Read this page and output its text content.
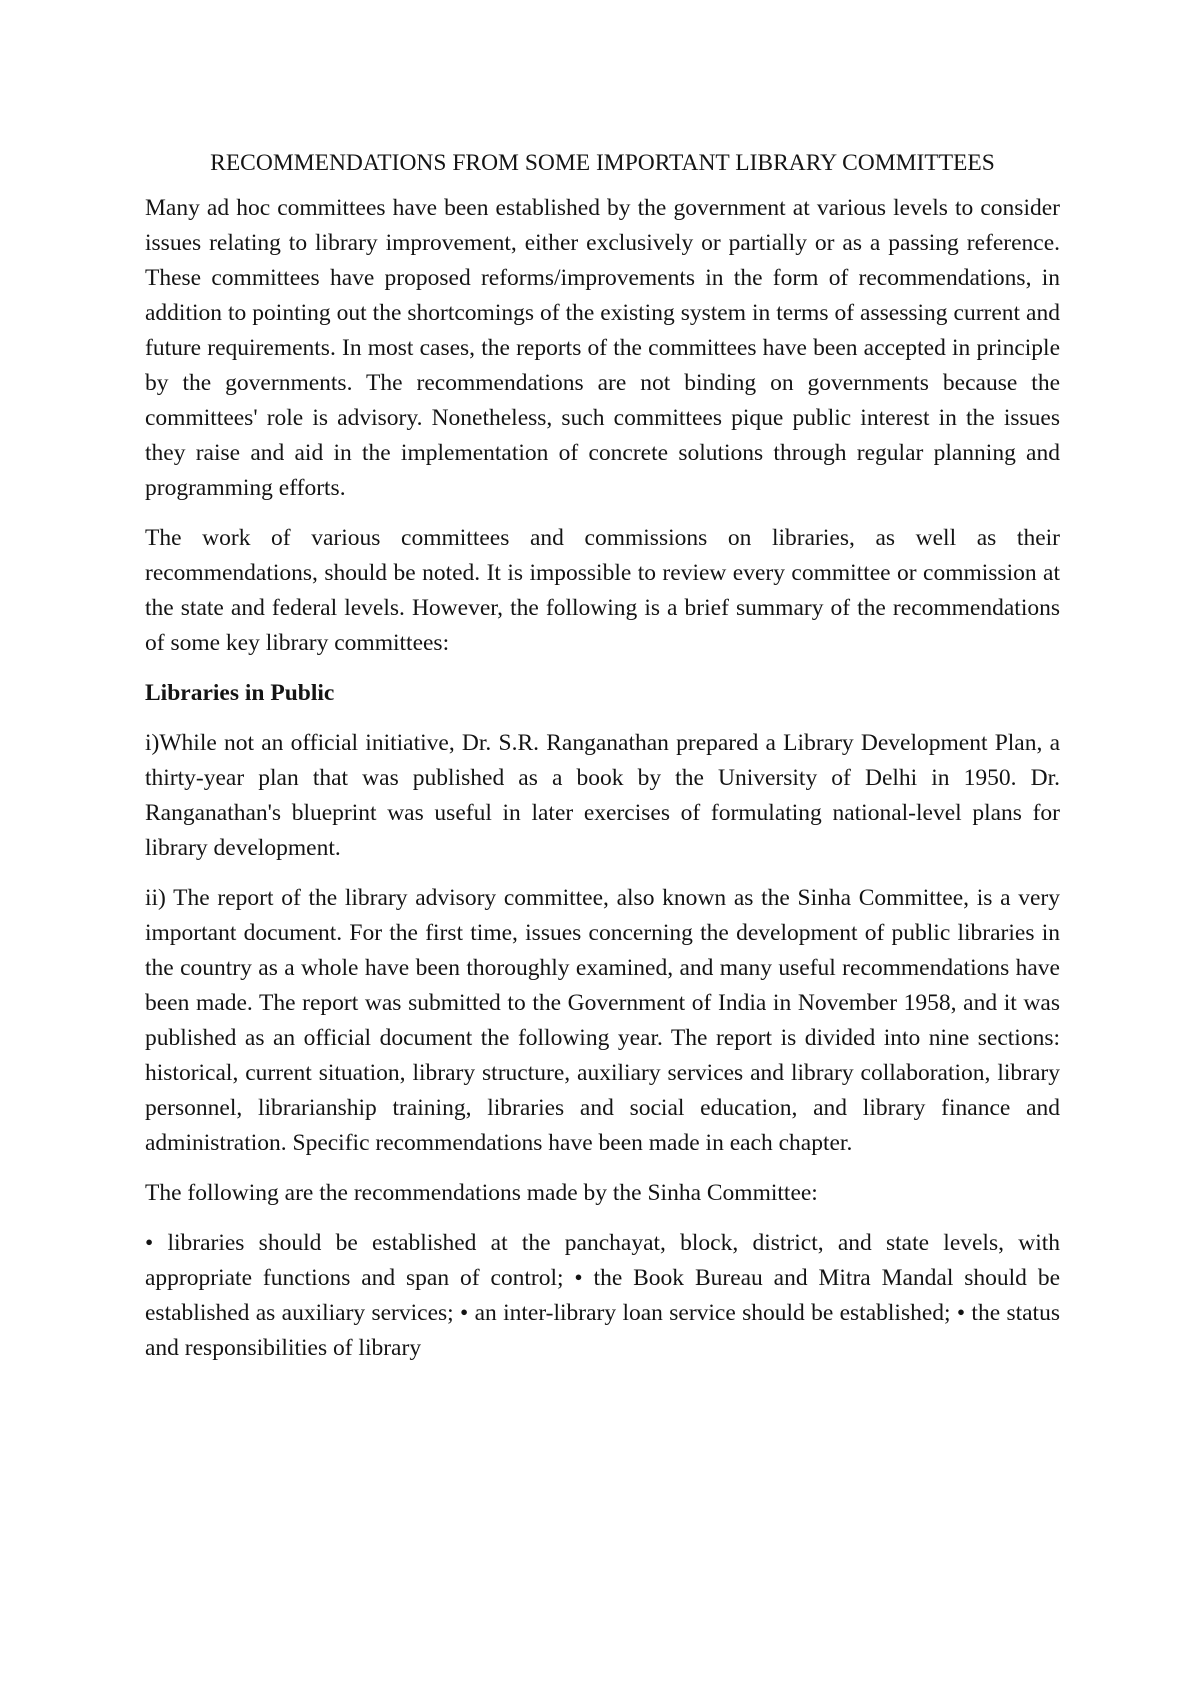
RECOMMENDATIONS FROM SOME IMPORTANT LIBRARY COMMITTEES

Many ad hoc committees have been established by the government at various levels to consider issues relating to library improvement, either exclusively or partially or as a passing reference. These committees have proposed reforms/improvements in the form of recommendations, in addition to pointing out the shortcomings of the existing system in terms of assessing current and future requirements. In most cases, the reports of the committees have been accepted in principle by the governments. The recommendations are not binding on governments because the committees' role is advisory. Nonetheless, such committees pique public interest in the issues they raise and aid in the implementation of concrete solutions through regular planning and programming efforts.

The work of various committees and commissions on libraries, as well as their recommendations, should be noted. It is impossible to review every committee or commission at the state and federal levels. However, the following is a brief summary of the recommendations of some key library committees:

Libraries in Public

i)While not an official initiative, Dr. S.R. Ranganathan prepared a Library Development Plan, a thirty-year plan that was published as a book by the University of Delhi in 1950. Dr. Ranganathan's blueprint was useful in later exercises of formulating national-level plans for library development.

ii) The report of the library advisory committee, also known as the Sinha Committee, is a very important document. For the first time, issues concerning the development of public libraries in the country as a whole have been thoroughly examined, and many useful recommendations have been made. The report was submitted to the Government of India in November 1958, and it was published as an official document the following year. The report is divided into nine sections: historical, current situation, library structure, auxiliary services and library collaboration, library personnel, librarianship training, libraries and social education, and library finance and administration. Specific recommendations have been made in each chapter.

The following are the recommendations made by the Sinha Committee:

• libraries should be established at the panchayat, block, district, and state levels, with appropriate functions and span of control; • the Book Bureau and Mitra Mandal should be established as auxiliary services; • an inter-library loan service should be established; • the status and responsibilities of library
